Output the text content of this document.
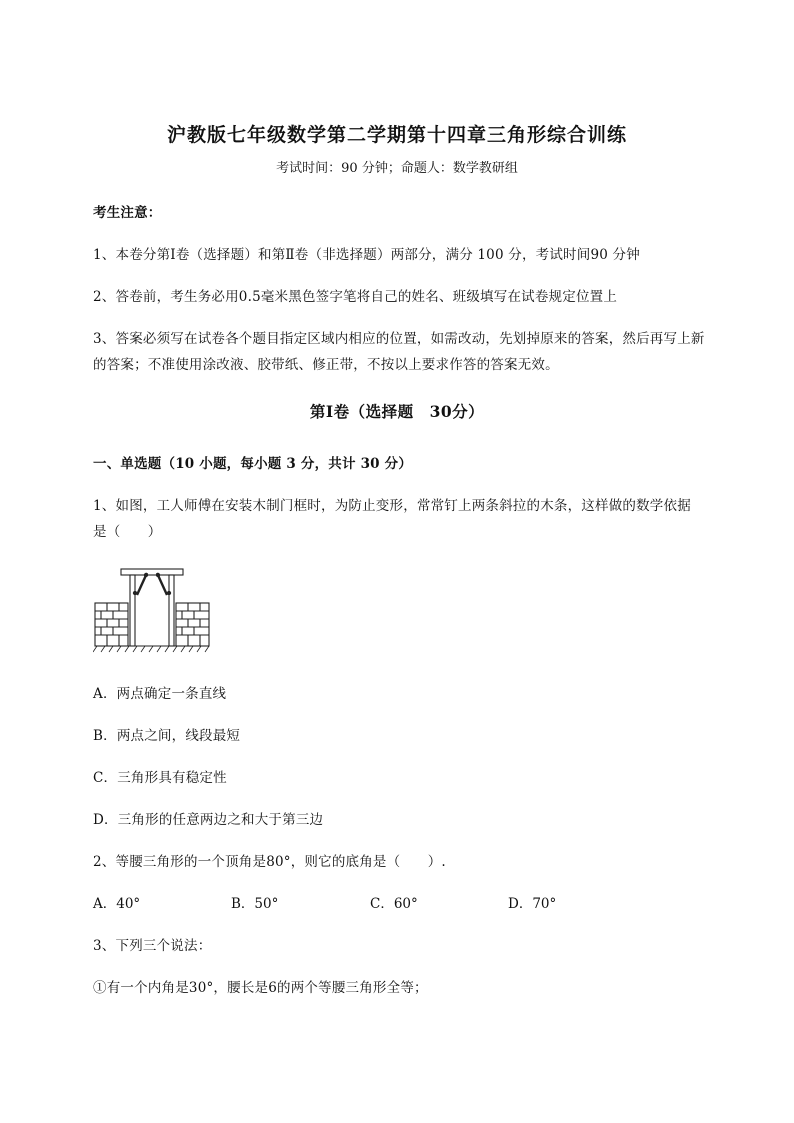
沪教版七年级数学第二学期第十四章三角形综合训练
考试时间：90 分钟；命题人：数学教研组
考生注意：
1、本卷分第Ⅰ卷（选择题）和第Ⅱ卷（非选择题）两部分，满分 100 分，考试时间90 分钟
2、答卷前，考生务必用0.5毫米黑色签字笔将自己的姓名、班级填写在试卷规定位置上
3、答案必须写在试卷各个题目指定区域内相应的位置，如需改动，先划掉原来的答案，然后再写上新
的答案；不准使用涂改液、胶带纸、修正带，不按以上要求作答的答案无效。
第Ⅰ卷（选择题　30分）
一、单选题（10 小题，每小题 3 分，共计 30 分）
1、如图，工人师傅在安装木制门框时，为防止变形，常常钉上两条斜拉的木条，这样做的数学依据
是（　　）
A．两点确定一条直线
B．两点之间，线段最短
C．三角形具有稳定性
D．三角形的任意两边之和大于第三边
2、等腰三角形的一个顶角是80°，则它的底角是（　　）.
A．40°	B．50°	C．60°	D．70°
3、下列三个说法：
①有一个内角是30°，腰长是6的两个等腰三角形全等；
